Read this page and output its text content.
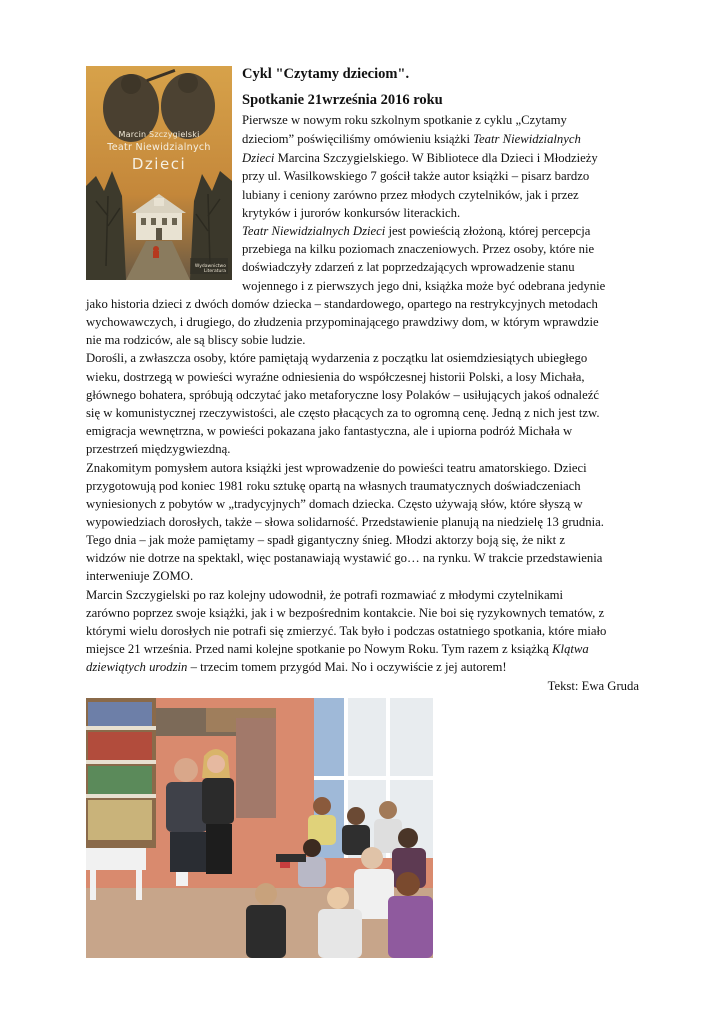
Marcin Szczygielski
Teatr Niewidzialnych
Dzieci
Wydawnictwo Literatura
Cykl "Czytamy dzieciom".
Spotkanie 21września 2016 roku
Pierwsze w nowym roku szkolnym spotkanie z cyklu „Czytamy
dzieciom” poświęciliśmy omówieniu książki Teatr Niewidzialnych
Dzieci Marcina Szczygielskiego. W Bibliotece dla Dzieci i Młodzieży
przy ul. Wasilkowskiego 7 gościł także autor książki – pisarz bardzo
lubiany i ceniony zarówno przez młodych czytelników, jak i przez
krytyków i jurorów konkursów literackich.
Teatr Niewidzialnych Dzieci jest powieścią złożoną, której percepcja
przebiega na kilku poziomach znaczeniowych. Przez osoby, które nie
doświadczyły zdarzeń z lat poprzedzających wprowadzenie stanu
wojennego i z pierwszych jego dni, książka może być odebrana jedynie
jako historia dzieci z dwóch domów dziecka – standardowego, opartego na restrykcyjnych metodach
wychowawczych, i drugiego, do złudzenia przypominającego prawdziwy dom, w którym wprawdzie
nie ma rodziców, ale są bliscy sobie ludzie.
Dorośli, a zwłaszcza osoby, które pamiętają wydarzenia z początku lat osiemdziesiątych ubiegłego
wieku, dostrzegą w powieści wyraźne odniesienia do współczesnej historii Polski, a losy Michała,
głównego bohatera, spróbują odczytać jako metaforyczne losy Polaków – usiłujących jakoś odnaleźć
się w komunistycznej rzeczywistości, ale często płacących za to ogromną cenę. Jedną z nich jest tzw.
emigracja wewnętrzna, w powieści pokazana jako fantastyczna, ale i upiorna podróż Michała w
przestrzeń międzygwiezdną.
Znakomitym pomysłem autora książki jest wprowadzenie do powieści teatru amatorskiego. Dzieci
przygotowują pod koniec 1981 roku sztukę opartą na własnych traumatycznych doświadczeniach
wyniesionych z pobytów w „tradycyjnych” domach dziecka. Często używają słów, które słyszą w
wypowiedziach dorosłych, także – słowa solidarność. Przedstawienie planują na niedzielę 13 grudnia.
Tego dnia – jak może pamiętamy – spadł gigantyczny śnieg. Młodzi aktorzy boją się, że nikt z
widzów nie dotrze na spektakl, więc postanawiają wystawić go… na rynku. W trakcie przedstawienia
interweniuje ZOMO.
Marcin Szczygielski po raz kolejny udowodnił, że potrafi rozmawiać z młodymi czytelnikami
zarówno poprzez swoje książki, jak i w bezpośrednim kontakcie. Nie boi się ryzykownych tematów, z
którymi wielu dorosłych nie potrafi się zmierzyć. Tak było i podczas ostatniego spotkania, które miało
miejsce 21 września. Przed nami kolejne spotkanie po Nowym Roku. Tym razem z książką Klątwa
dziewiątych urodzin – trzecim tomem przygód Mai. No i oczywiście z jej autorem!
Tekst: Ewa Gruda
